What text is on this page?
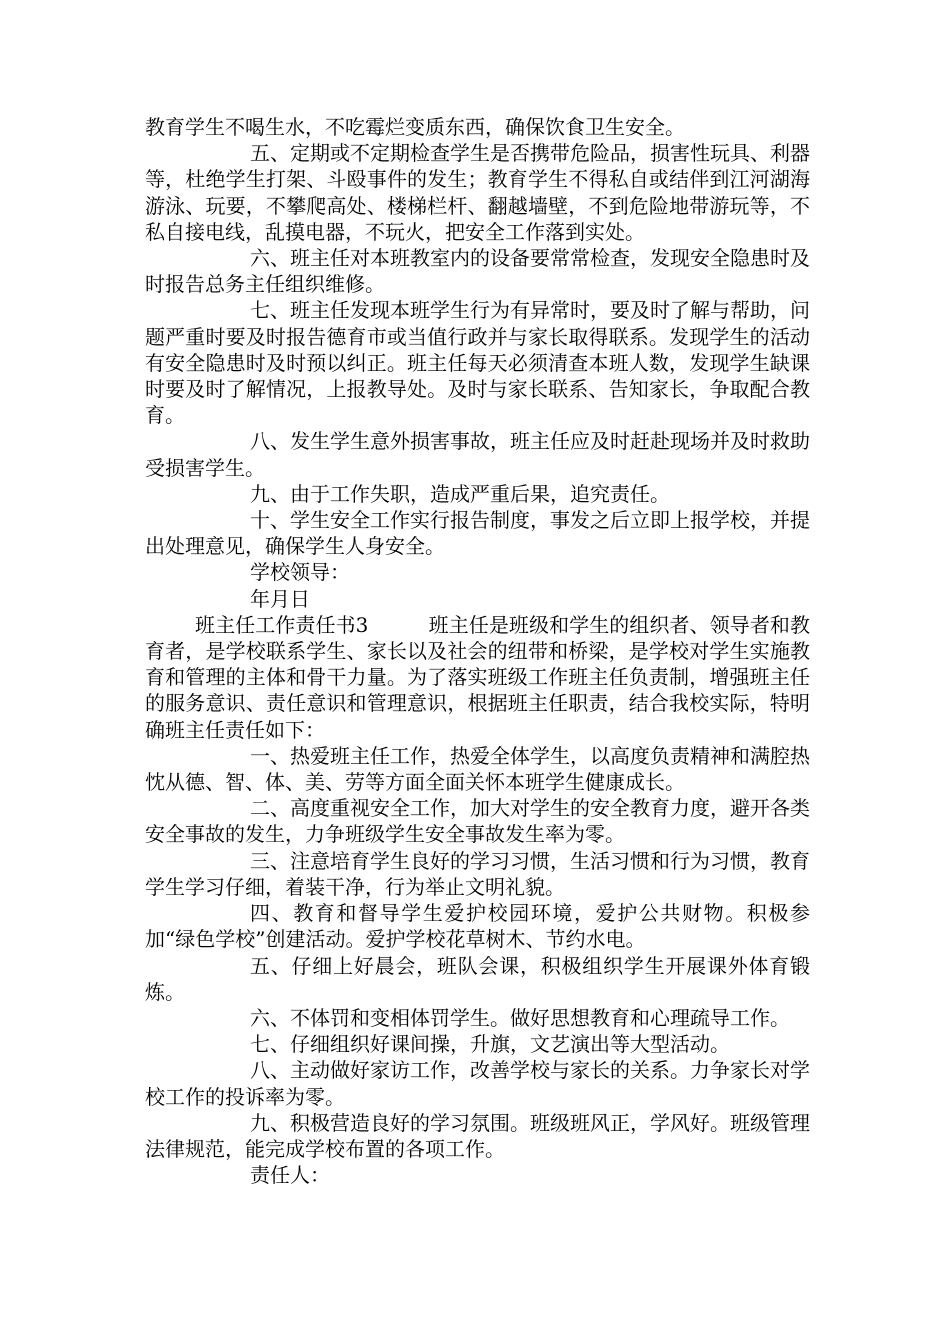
教育学生不喝生水，不吃霉烂变质东西，确保饮食卫生安全。

五、定期或不定期检查学生是否携带危险品，损害性玩具、利器等，杜绝学生打架、斗殴事件的发生；教育学生不得私自或结伴到江河湖海游泳、玩要，不攀爬高处、楼梯栏杆、翻越墙壁，不到危险地带游玩等，不私自接电线，乱摸电器，不玩火，把安全工作落到实处。

六、班主任对本班教室内的设备要常常检查，发现安全隐患时及时报告总务主任组织维修。

七、班主任发现本班学生行为有异常时，要及时了解与帮助，问题严重时要及时报告德育市或当值行政并与家长取得联系。发现学生的活动有安全隐患时及时预以纠正。班主任每天必须清查本班人数，发现学生缺课时要及时了解情况，上报教导处。及时与家长联系、告知家长，争取配合教育。

八、发生学生意外损害事故，班主任应及时赶赴现场并及时救助受损害学生。

九、由于工作失职，造成严重后果，追究责任。

十、学生安全工作实行报告制度，事发之后立即上报学校，并提出处理意见，确保学生人身安全。

学校领导：

年月日

班主任工作责任书3　　　班主任是班级和学生的组织者、领导者和教育者，是学校联系学生、家长以及社会的纽带和桥梁，是学校对学生实施教育和管理的主体和骨干力量。为了落实班级工作班主任负责制，增强班主任的服务意识、责任意识和管理意识，根据班主任职责，结合我校实际，特明确班主任责任如下：

一、热爱班主任工作，热爱全体学生，以高度负责精神和满腔热忱从德、智、体、美、劳等方面全面关怀本班学生健康成长。

二、高度重视安全工作，加大对学生的安全教育力度，避开各类安全事故的发生，力争班级学生安全事故发生率为零。

三、注意培育学生良好的学习习惯，生活习惯和行为习惯，教育学生学习仔细，着装干净，行为举止文明礼貌。

四、教育和督导学生爱护校园环境，爱护公共财物。积极参加“绿色学校”创建活动。爱护学校花草树木、节约水电。

五、仔细上好晨会，班队会课，积极组织学生开展课外体育锻炼。

六、不体罚和变相体罚学生。做好思想教育和心理疏导工作。

七、仔细组织好课间操，升旗，文艺演出等大型活动。

八、主动做好家访工作，改善学校与家长的关系。力争家长对学校工作的投诉率为零。

九、积极营造良好的学习氛围。班级班风正，学风好。班级管理法律规范，能完成学校布置的各项工作。

责任人：
